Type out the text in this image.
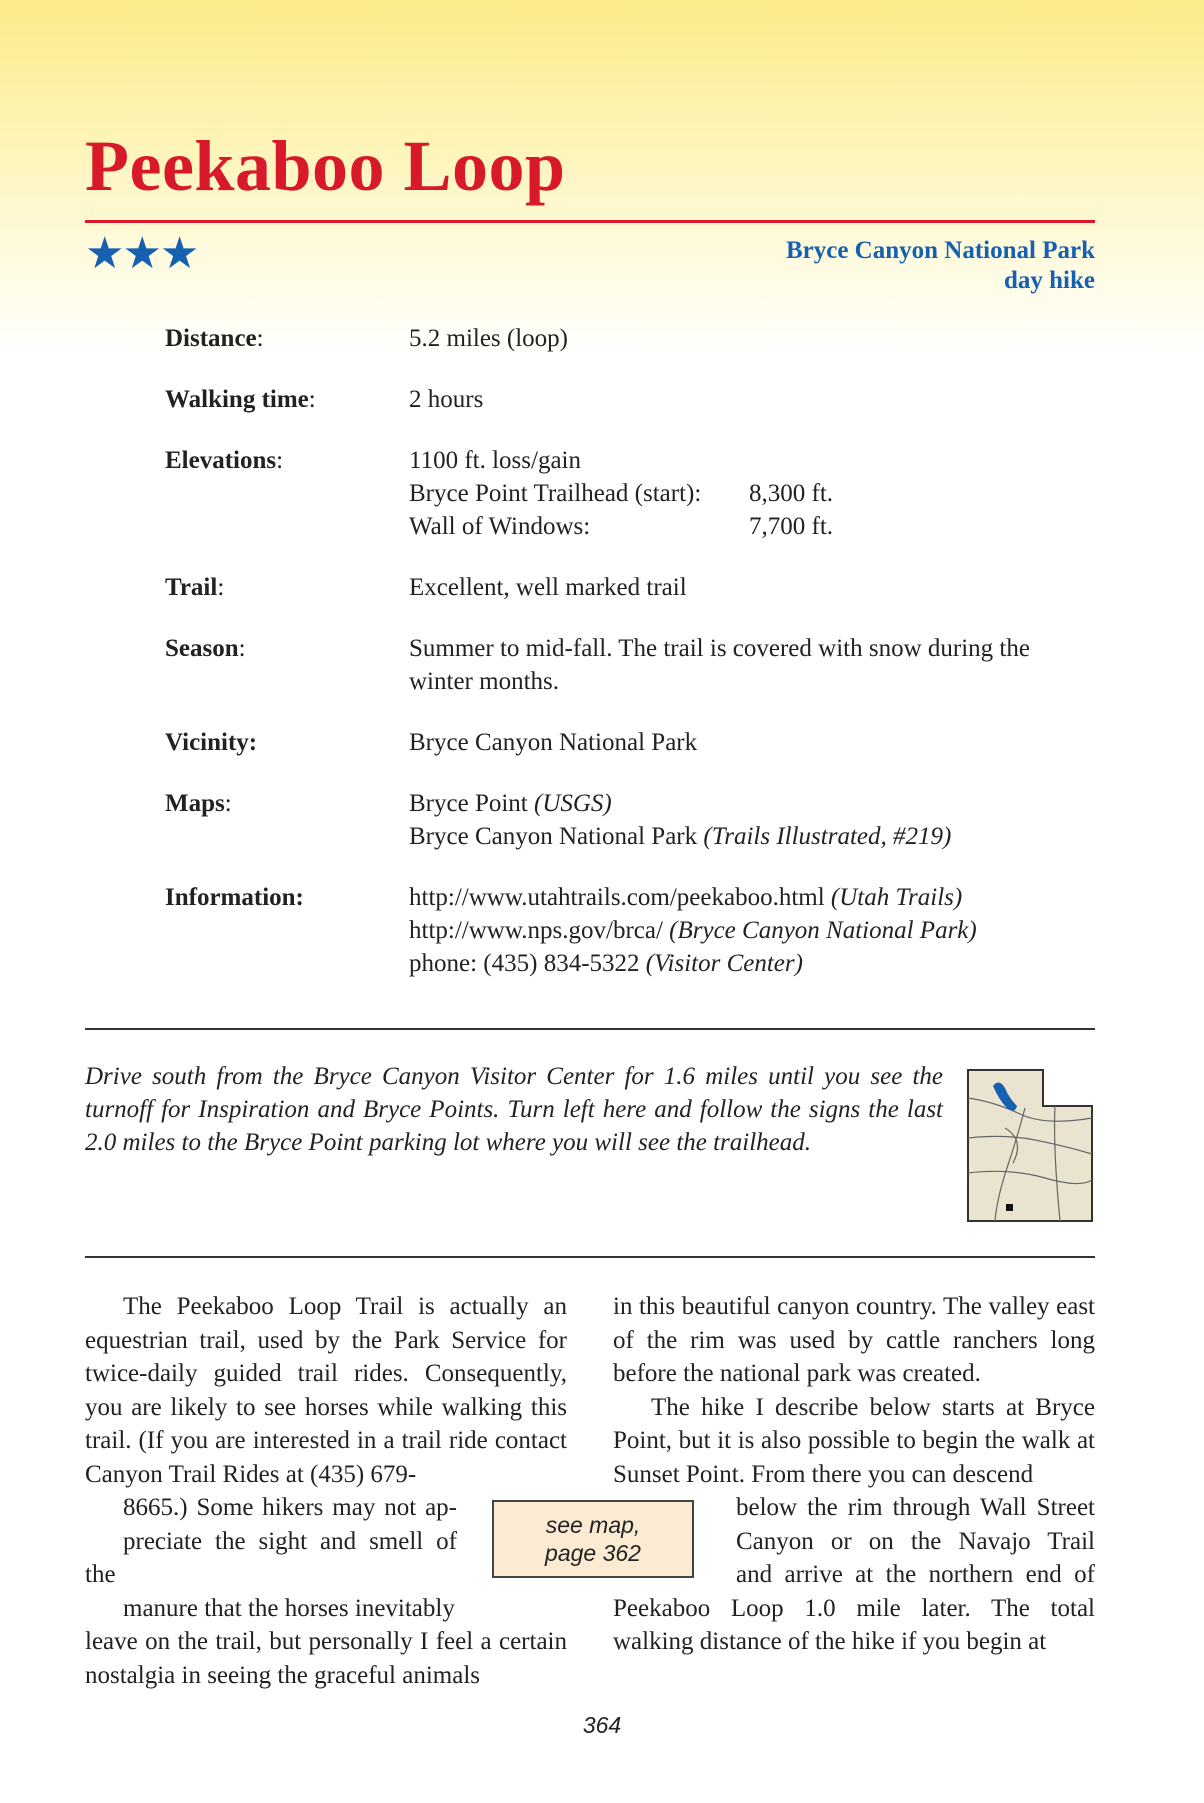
Peekaboo Loop
★★★	Bryce Canyon National Park
day hike
Distance:	5.2 miles (loop)
Walking time:	2 hours
Elevations:	1100 ft. loss/gain
Bryce Point Trailhead (start):	8,300 ft.
Wall of Windows:	7,700 ft.
Trail:	Excellent, well marked trail
Season:	Summer to mid-fall. The trail is covered with snow during the winter months.
Vicinity:	Bryce Canyon National Park
Maps:	Bryce Point (USGS)
Bryce Canyon National Park (Trails Illustrated, #219)
Information:	http://www.utahtrails.com/peekaboo.html (Utah Trails)
http://www.nps.gov/brca/ (Bryce Canyon National Park)
phone: (435) 834-5322 (Visitor Center)

Drive south from the Bryce Canyon Visitor Center for 1.6 miles until you see the turnoff for Inspiration and Bryce Points. Turn left here and follow the signs the last 2.0 miles to the Bryce Point parking lot where you will see the trailhead.

The Peekaboo Loop Trail is actually an equestrian trail, used by the Park Service for twice-daily guided trail rides. Consequently, you are likely to see horses while walking this trail. (If you are interested in a trail ride contact Canyon Trail Rides at (435) 679-
8665.) Some hikers may not ap-
preciate the sight and smell of the
manure that the horses inevitably
leave on the trail, but personally I feel a certain nostalgia in seeing the graceful animals

see map,
page 362

in this beautiful canyon country. The valley east of the rim was used by cattle ranchers long before the national park was created.

The hike I describe below starts at Bryce Point, but it is also possible to begin the walk at Sunset Point. From there you can descend
below the rim through Wall Street
Canyon or on the Navajo Trail
and arrive at the northern end of
Peekaboo Loop 1.0 mile later. The total walking distance of the hike if you begin at

364
